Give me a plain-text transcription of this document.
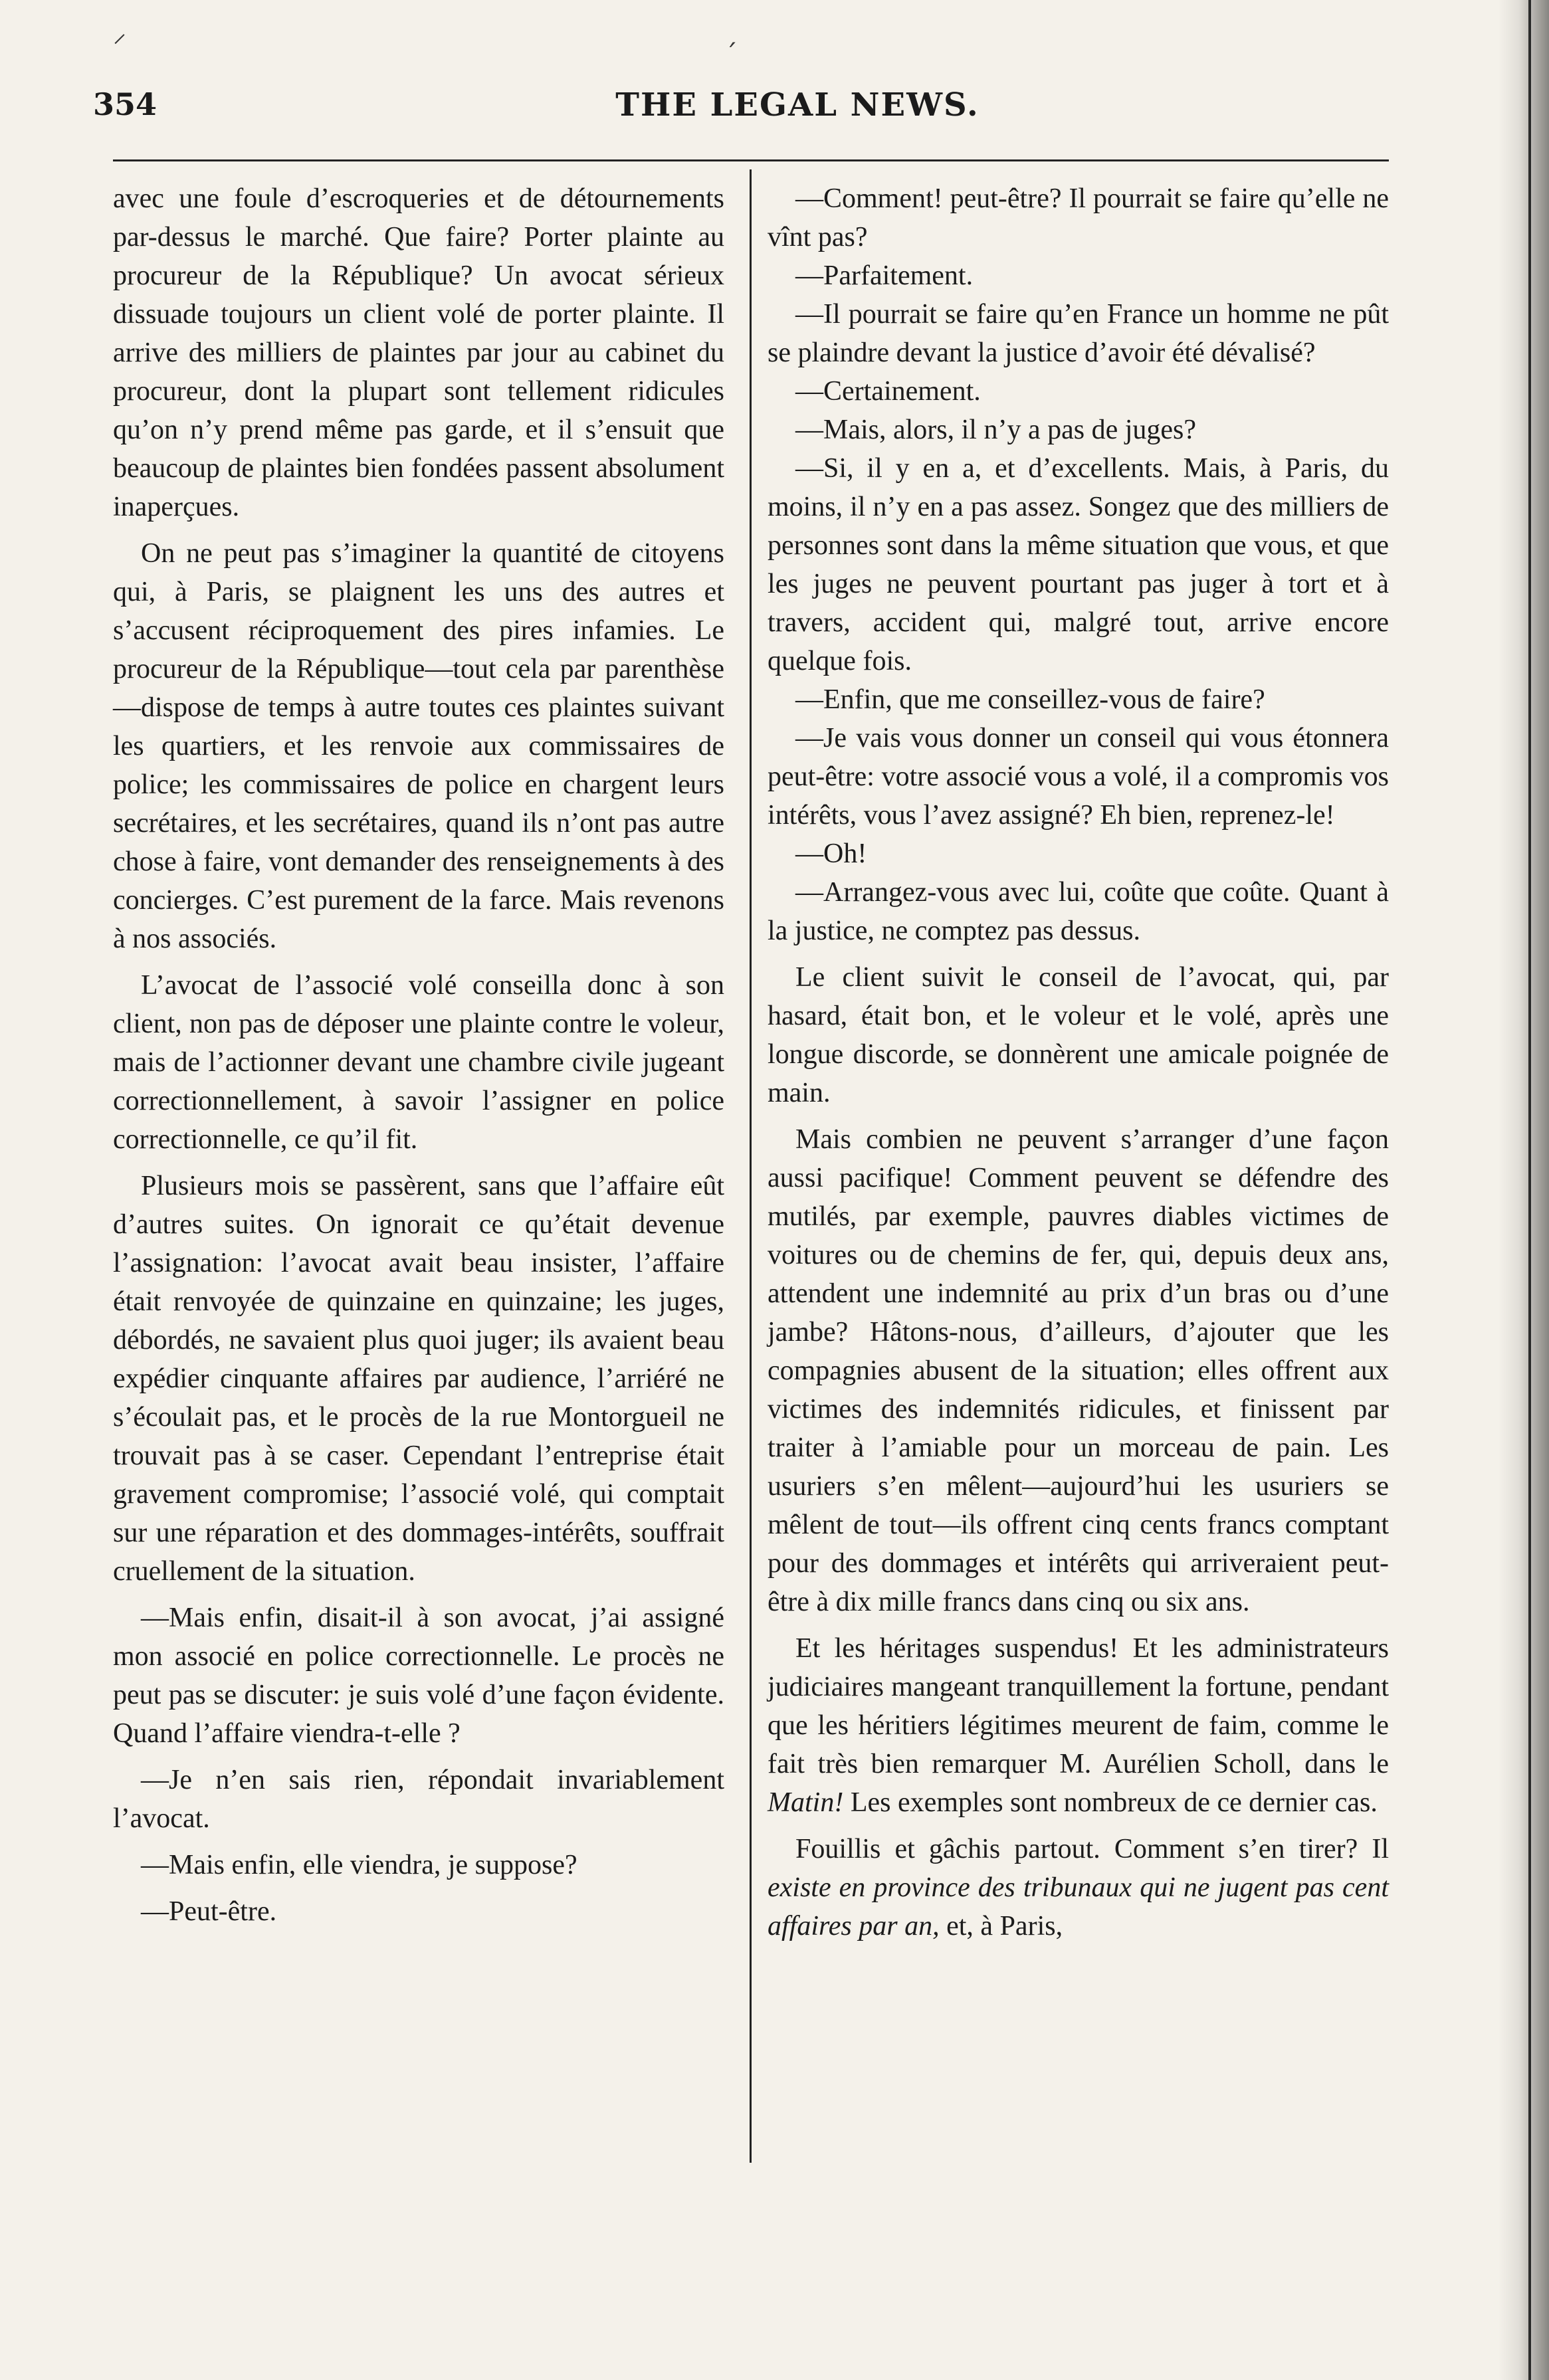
⸝
ˊ
354	THE LEGAL NEWS.

avec une foule d’escroqueries et de détournements par-dessus le marché. Que faire? Porter plainte au procureur de la République? Un avocat sérieux dissuade toujours un client volé de porter plainte. Il arrive des milliers de plaintes par jour au cabinet du procureur, dont la plupart sont tellement ridicules qu’on n’y prend même pas garde, et il s’ensuit que beaucoup de plaintes bien fondées passent absolument inaperçues.

On ne peut pas s’imaginer la quantité de citoyens qui, à Paris, se plaignent les uns des autres et s’accusent réciproquement des pires infamies. Le procureur de la République—tout cela par parenthèse—dispose de temps à autre toutes ces plaintes suivant les quartiers, et les renvoie aux commissaires de police; les commissaires de police en chargent leurs secrétaires, et les secrétaires, quand ils n’ont pas autre chose à faire, vont demander des renseignements à des concierges. C’est purement de la farce. Mais revenons à nos associés.

L’avocat de l’associé volé conseilla donc à son client, non pas de déposer une plainte contre le voleur, mais de l’actionner devant une chambre civile jugeant correctionnellement, à savoir l’assigner en police correctionnelle, ce qu’il fit.

Plusieurs mois se passèrent, sans que l’affaire eût d’autres suites. On ignorait ce qu’était devenue l’assignation: l’avocat avait beau insister, l’affaire était renvoyée de quinzaine en quinzaine; les juges, débordés, ne savaient plus quoi juger; ils avaient beau expédier cinquante affaires par audience, l’arriéré ne s’écoulait pas, et le procès de la rue Montorgueil ne trouvait pas à se caser. Cependant l’entreprise était gravement compromise; l’associé volé, qui comptait sur une réparation et des dommages-intérêts, souffrait cruellement de la situation.

—Mais enfin, disait-il à son avocat, j’ai assigné mon associé en police correctionnelle. Le procès ne peut pas se discuter: je suis volé d’une façon évidente. Quand l’affaire viendra-t-elle ?

—Je n’en sais rien, répondait invariablement l’avocat.

—Mais enfin, elle viendra, je suppose?

—Peut-être.

—Comment! peut-être? Il pourrait se faire qu’elle ne vînt pas?

—Parfaitement.

—Il pourrait se faire qu’en France un homme ne pût se plaindre devant la justice d’avoir été dévalisé?

—Certainement.

—Mais, alors, il n’y a pas de juges?

—Si, il y en a, et d’excellents. Mais, à Paris, du moins, il n’y en a pas assez. Songez que des milliers de personnes sont dans la même situation que vous, et que les juges ne peuvent pourtant pas juger à tort et à travers, accident qui, malgré tout, arrive encore quelque fois.

—Enfin, que me conseillez-vous de faire?

—Je vais vous donner un conseil qui vous étonnera peut-être: votre associé vous a volé, il a compromis vos intérêts, vous l’avez assigné? Eh bien, reprenez-le!

—Oh!

—Arrangez-vous avec lui, coûte que coûte. Quant à la justice, ne comptez pas dessus.

Le client suivit le conseil de l’avocat, qui, par hasard, était bon, et le voleur et le volé, après une longue discorde, se donnèrent une amicale poignée de main.

Mais combien ne peuvent s’arranger d’une façon aussi pacifique! Comment peuvent se défendre des mutilés, par exemple, pauvres diables victimes de voitures ou de chemins de fer, qui, depuis deux ans, attendent une indemnité au prix d’un bras ou d’une jambe? Hâtons-nous, d’ailleurs, d’ajouter que les compagnies abusent de la situation; elles offrent aux victimes des indemnités ridicules, et finissent par traiter à l’amiable pour un morceau de pain. Les usuriers s’en mêlent—aujourd’hui les usuriers se mêlent de tout—ils offrent cinq cents francs comptant pour des dommages et intérêts qui arriveraient peut-être à dix mille francs dans cinq ou six ans.

Et les héritages suspendus! Et les administrateurs judiciaires mangeant tranquillement la fortune, pendant que les héritiers légitimes meurent de faim, comme le fait très bien remarquer M. Aurélien Scholl, dans le Matin! Les exemples sont nombreux de ce dernier cas.

Fouillis et gâchis partout. Comment s’en tirer? Il existe en province des tribunaux qui ne jugent pas cent affaires par an, et, à Paris,
